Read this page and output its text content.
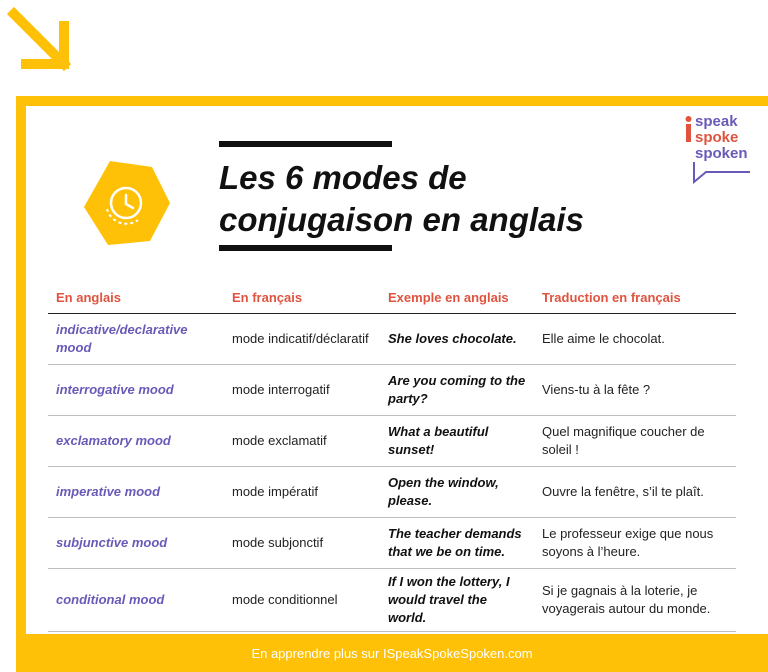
Les 6 modes de
conjugaison en anglais
speak
spoke
spoken
En anglais	En français	Exemple en anglais	Traduction en français
indicative/declarative mood	mode indicatif/déclaratif	She loves chocolate.	Elle aime le chocolat.
interrogative mood	mode interrogatif	Are you coming to the party?	Viens-tu à la fête ?
exclamatory mood	mode exclamatif	What a beautiful sunset!	Quel magnifique coucher de soleil !
imperative mood	mode impératif	Open the window, please.	Ouvre la fenêtre, s’il te plaît.
subjunctive mood	mode subjonctif	The teacher demands that we be on time.	Le professeur exige que nous soyons à l’heure.
conditional mood	mode conditionnel	If I won the lottery, I would travel the world.	Si je gagnais à la loterie, je voyagerais autour du monde.
En apprendre plus sur ISpeakSpokeSpoken.com
